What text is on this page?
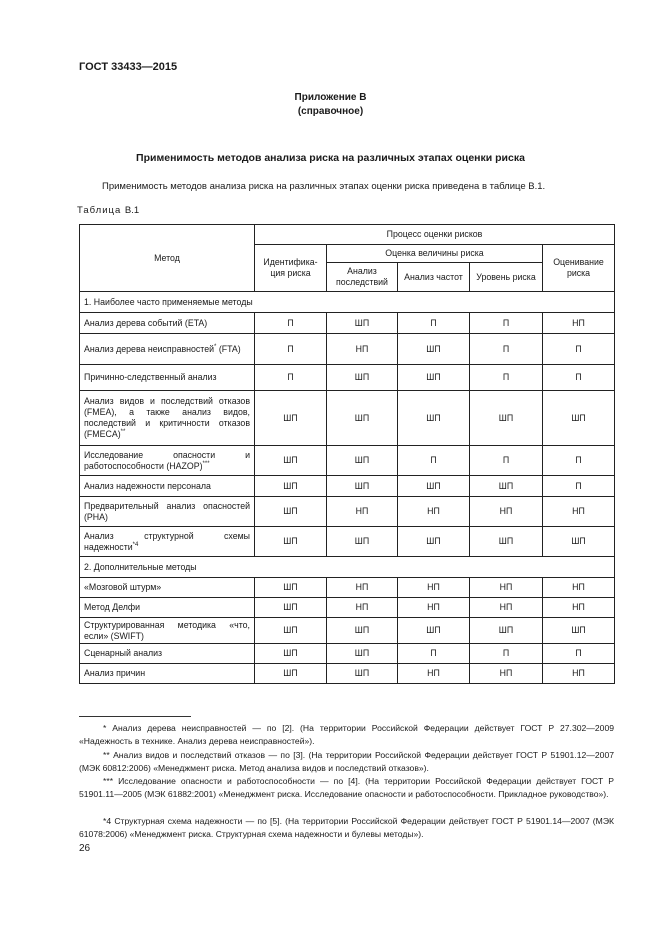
ГОСТ 33433—2015
Приложение В
(справочное)
Применимость методов анализа риска на различных этапах оценки риска
Применимость методов анализа риска на различных этапах оценки риска приведена в таблице В.1.
Таблица В.1
Метод	Процесс оценки рисков				
	Идентифика-ция риска	Оценка величины риска			Оценивание риска
		Анализ последствий	Анализ частот	Уровень риска	
1. Наиболее часто применяемые методы					
Анализ дерева событий (ETA)	П	ШП	П	П	НП
Анализ дерева неисправностей* (FTA)	П	НП	ШП	П	П
Причинно-следственный анализ	П	ШП	ШП	П	П
Анализ видов и последствий отказов (FMEA), а также анализ видов, последствий и критичности отказов (FMECA)**	ШП	ШП	ШП	ШП	ШП
Исследование опасности и работоспособности (HAZOP)***	ШП	ШП	П	П	П
Анализ надежности персонала	ШП	ШП	ШП	ШП	П
Предварительный анализ опасностей (PHA)	ШП	НП	НП	НП	НП
Анализ структурной схемы надежности$^{*4}$	ШП	ШП	ШП	ШП	ШП
2. Дополнительные методы					
«Мозговой штурм»	ШП	НП	НП	НП	НП
Метод Делфи	ШП	НП	НП	НП	НП
Структурированная методика «что, если» (SWIFT)	ШП	ШП	ШП	ШП	ШП
Сценарный анализ	ШП	ШП	П	П	П
Анализ причин	ШП	ШП	НП	НП	НП
* Анализ дерева неисправностей — по [2]. (На территории Российской Федерации действует ГОСТ Р 27.302—2009 «Надежность в технике. Анализ дерева неисправностей»).
** Анализ видов и последствий отказов — по [3]. (На территории Российской Федерации действует ГОСТ Р 51901.12—2007 (МЭК 60812:2006) «Менеджмент риска. Метод анализа видов и последствий отказов»).
*** Исследование опасности и работоспособности — по [4]. (На территории Российской Федерации действует ГОСТ Р 51901.11—2005 (МЭК 61882:2001) «Менеджмент риска. Исследование опасности и работоспособности. Прикладное руководство»).
*4 Структурная схема надежности — по [5]. (На территории Российской Федерации действует ГОСТ Р 51901.14—2007 (МЭК 61078:2006) «Менеджмент риска. Структурная схема надежности и булевы методы»).
26
